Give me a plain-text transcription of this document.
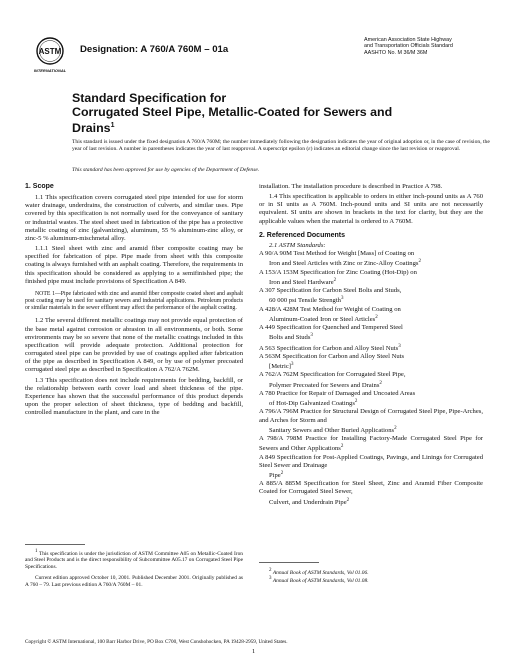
ASTM
INTERNATIONAL
Designation: A 760/A 760M – 01a
American Association State Highway
and Transportation Officials Standard
AASHTO No. M 36/M 36M
Standard Specification for
Corrugated Steel Pipe, Metallic-Coated for Sewers and
Drains$^1$
This standard is issued under the fixed designation A 760/A 760M; the number immediately following the designation indicates the year of original adoption or, in the case of revision, the year of last revision. A number in parentheses indicates the year of last reapproval. A superscript epsilon (ε) indicates an editorial change since the last revision or reapproval.
This standard has been approved for use by agencies of the Department of Defense.
1. Scope

1.1 This specification covers corrugated steel pipe intended for use for storm water drainage, underdrains, the construction of culverts, and similar uses. Pipe covered by this specification is not normally used for the conveyance of sanitary or industrial wastes. The steel sheet used in fabrication of the pipe has a protective metallic coating of zinc (galvanizing), aluminum, 55 % aluminum-zinc alloy, or zinc-5 % aluminum-mischmetal alloy.

1.1.1 Steel sheet with zinc and aramid fiber composite coating may be specified for fabrication of pipe. Pipe made from sheet with this composite coating is always furnished with an asphalt coating. Therefore, the requirements in this specification should be considered as applying to a semifinished pipe; the finished pipe must include provisions of Specification A 849.

NOTE 1—Pipe fabricated with zinc and aramid fiber composite coated sheet and asphalt post coating may be used for sanitary sewers and industrial applications. Petroleum products or similar materials in the sewer effluent may affect the performance of the asphalt coating.

1.2 The several different metallic coatings may not provide equal protection of the base metal against corrosion or abrasion in all environments, or both. Some environments may be so severe that none of the metallic coatings included in this specification will provide adequate protection. Additional protection for corrugated steel pipe can be provided by use of coatings applied after fabrication of the pipe as described in Specification A 849, or by use of polymer precoated corrugated steel pipe as described in Specification A 762/A 762M.

1.3 This specification does not include requirements for bedding, backfill, or the relationship between earth cover load and sheet thickness of the pipe. Experience has shown that the successful performance of this product depends upon the proper selection of sheet thickness, type of bedding and backfill, controlled manufacture in the plant, and care in the

installation. The installation procedure is described in Practice A 798.

1.4 This specification is applicable to orders in either inch-pound units as A 760 or in SI units as A 760M. Inch-pound units and SI units are not necessarily equivalent. SI units are shown in brackets in the text for clarity, but they are the applicable values when the material is ordered to A 760M.

2. Referenced Documents

2.1 ASTM Standards:

A 90/A 90M Test Method for Weight [Mass] of Coating on
Iron and Steel Articles with Zinc or Zinc-Alloy Coatings$^2$
A 153/A 153M Specification for Zinc Coating (Hot-Dip) on
Iron and Steel Hardware$^2$
A 307 Specification for Carbon Steel Bolts and Studs,
60 000 psi Tensile Strength$^3$
A 428/A 428M Test Method for Weight of Coating on
Aluminum-Coated Iron or Steel Articles$^2$
A 449 Specification for Quenched and Tempered Steel
Bolts and Studs$^3$
A 563 Specification for Carbon and Alloy Steel Nuts$^3$
A 563M Specification for Carbon and Alloy Steel Nuts
[Metric]$^3$
A 762/A 762M Specification for Corrugated Steel Pipe,
Polymer Precoated for Sewers and Drains$^2$
A 780 Practice for Repair of Damaged and Uncoated Areas
of Hot-Dip Galvanized Coatings$^2$
A 796/A 796M Practice for Structural Design of Corrugated Steel Pipe, Pipe-Arches, and Arches for Storm and
Sanitary Sewers and Other Buried Applications$^2$
A 798/A 798M Practice for Installing Factory-Made Corrugated Steel Pipe for Sewers and Other Applications$^2$
A 849 Specification for Post-Applied Coatings, Pavings, and Linings for Corrugated Steel Sewer and Drainage
Pipe$^2$
A 885/A 885M Specification for Steel Sheet, Zinc and Aramid Fiber Composite Coated for Corrugated Steel Sewer,
Culvert, and Underdrain Pipe$^2$
$^1$ This specification is under the jurisdiction of ASTM Committee A05 on Metallic-Coated Iron and Steel Products and is the direct responsibility of Subcommittee A05.17 on Corrugated Steel Pipe Specifications.
Current edition approved October 10, 2001. Published December 2001. Originally published as A 760 – 79. Last previous edition A 760/A 760M – 01.
$^2$ Annual Book of ASTM Standards, Vol 01.06.
$^3$ Annual Book of ASTM Standards, Vol 01.08.
Copyright © ASTM International, 100 Barr Harbor Drive, PO Box C700, West Conshohocken, PA 19428-2959, United States.
1
